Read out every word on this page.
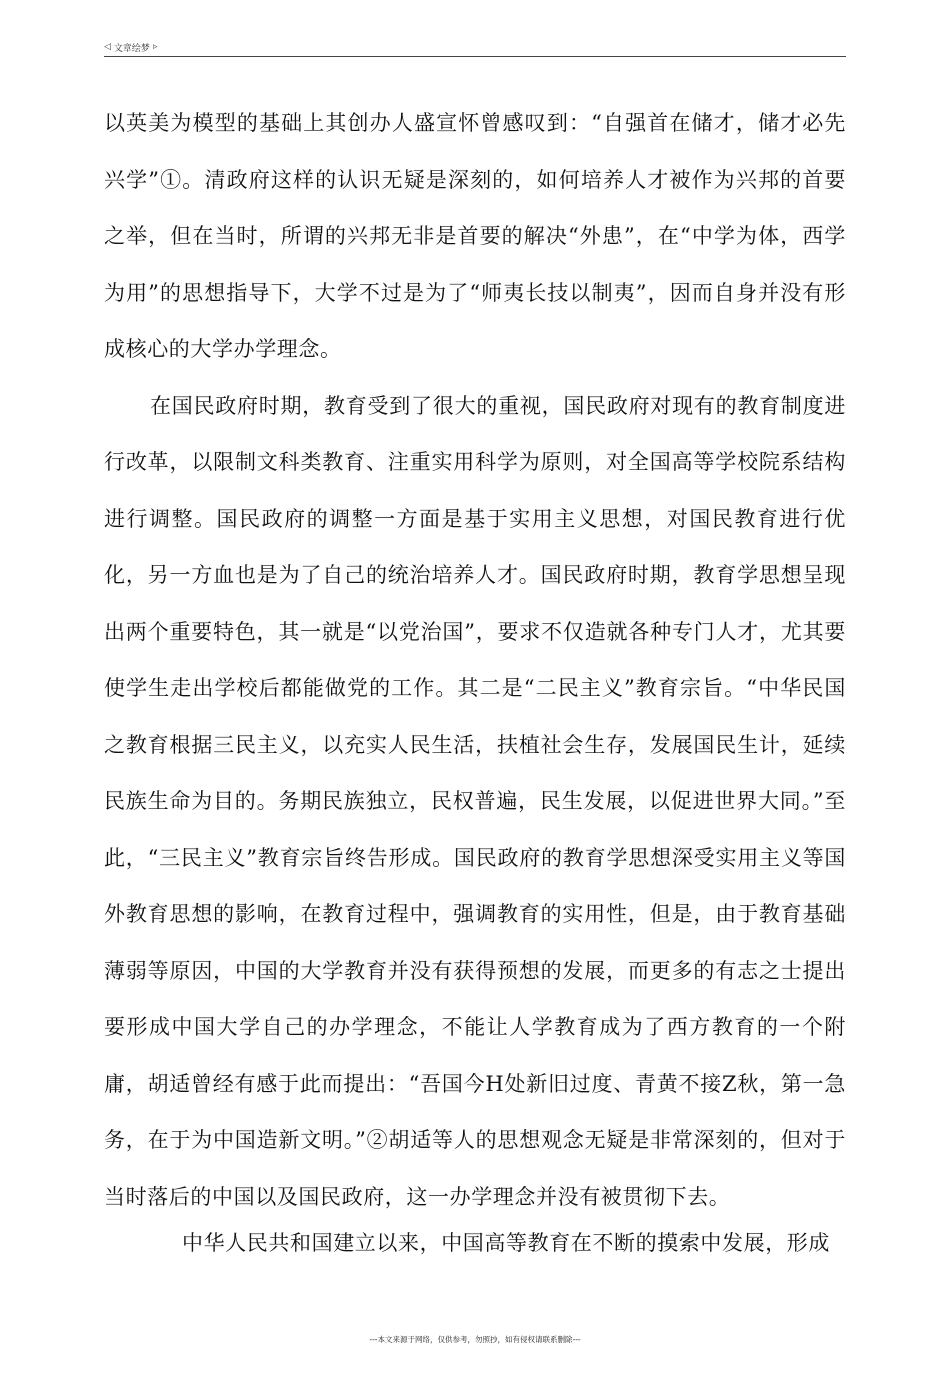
◁ 文章绘梦 ▹

以英美为模型的基础上其创办人盛宣怀曾感叹到：“自强首在储才，储才必先兴学”①。清政府这样的认识无疑是深刻的，如何培养人才被作为兴邦的首要之举，但在当时，所谓的兴邦无非是首要的解决“外患”，在“中学为体，西学为用”的思想指导下，大学不过是为了“师夷长技以制夷”，因而自身并没有形成核心的大学办学理念。

在国民政府时期，教育受到了很大的重视，国民政府对现有的教育制度进行改革，以限制文科类教育、注重实用科学为原则，对全国高等学校院系结构进行调整。国民政府的调整一方面是基于实用主义思想，对国民教育进行优化，另一方血也是为了自己的统治培养人才。国民政府时期，教育学思想呈现出两个重要特色，其一就是“以党治国”，要求不仅造就各种专门人才，尤其要使学生走出学校后都能做党的工作。其二是“二民主义”教育宗旨。“中华民国之教育根据三民主义，以充实人民生活，扶植社会生存，发展国民生计，延续民族生命为目的。务期民族独立，民权普遍，民生发展，以促进世界大同。”至此，“三民主义”教育宗旨终告形成。国民政府的教育学思想深受实用主义等国外教育思想的影响，在教育过程中，强调教育的实用性，但是，由于教育基础薄弱等原因，中国的大学教育并没有获得预想的发展，而更多的有志之士提出要形成中国大学自己的办学理念，不能让人学教育成为了西方教育的一个附庸，胡适曾经有感于此而提出：“吾国今H处新旧过度、青黄不接Z秋，第一急务，在于为中国造新文明。”②胡适等人的思想观念无疑是非常深刻的，但对于当时落后的中国以及国民政府，这一办学理念并没有被贯彻下去。

中华人民共和国建立以来，中国高等教育在不断的摸索中发展，形成

---本文来源于网络，仅供参考，勿照抄，如有侵权请联系删除---
